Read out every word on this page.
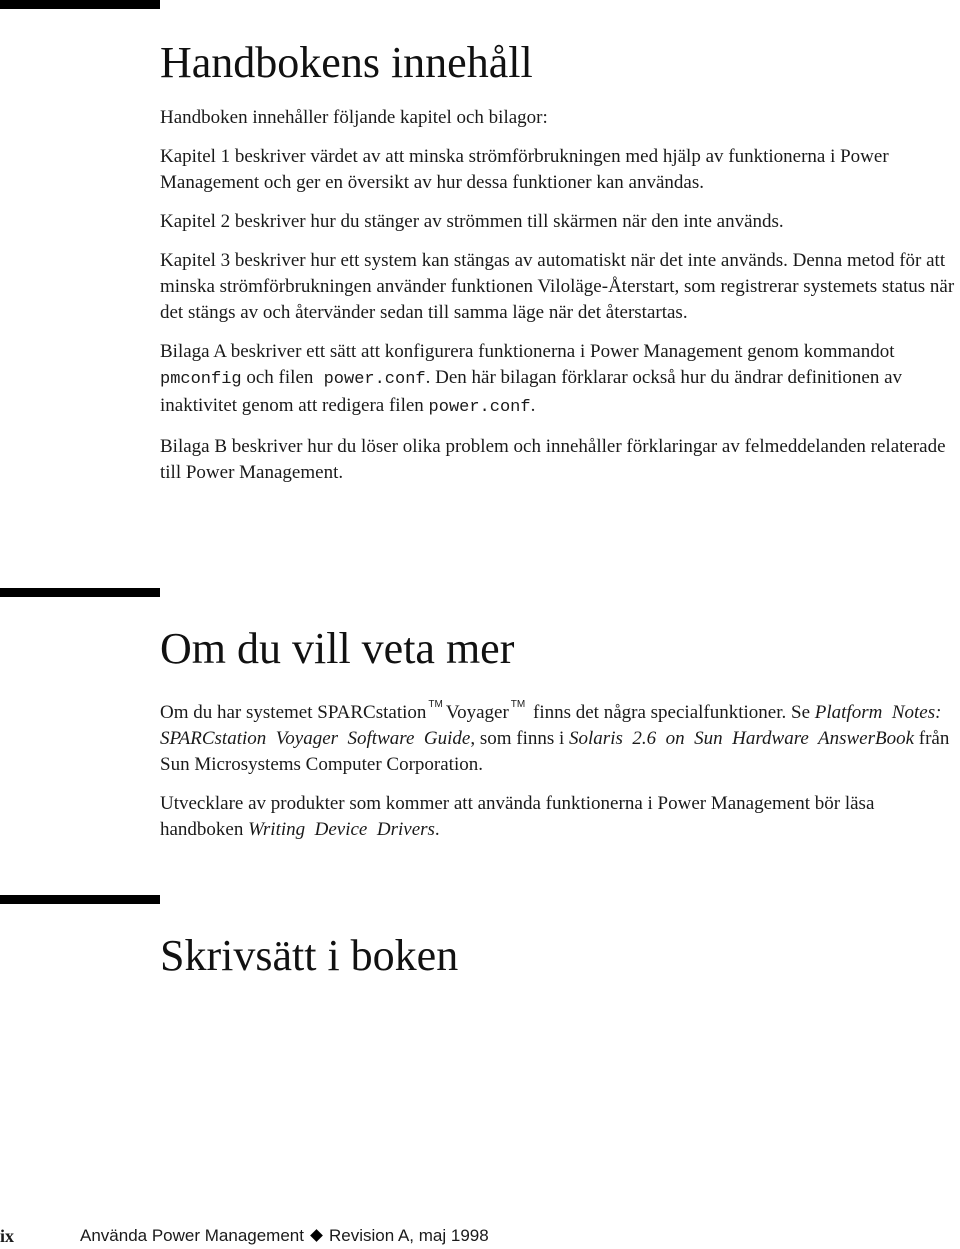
Handbokens innehåll

Handboken innehåller följande kapitel och bilagor:

Kapitel 1 beskriver värdet av att minska strömförbrukningen med hjälp av funktionerna i Power Management och ger en översikt av hur dessa funktioner kan användas.

Kapitel 2 beskriver hur du stänger av strömmen till skärmen när den inte används.

Kapitel 3 beskriver hur ett system kan stängas av automatiskt när det inte används. Denna metod för att minska strömförbrukningen använder funktionen Viloläge-Återstart, som registrerar systemets status när det stängs av och återvänder sedan till samma läge när det återstartas.

Bilaga A beskriver ett sätt att konfigurera funktionerna i Power Management genom kommandot pmconfig och filen power.conf. Den här bilagan förklarar också hur du ändrar definitionen av inaktivitet genom att redigera filen power.conf.

Bilaga B beskriver hur du löser olika problem och innehåller förklaringar av felmeddelanden relaterade till Power Management.

Om du vill veta mer

Om du har systemet SPARCstation ™ Voyager ™ finns det några specialfunktioner. Se Platform  Notes:  SPARCstation  Voyager  Software  Guide, som finns i Solaris  2.6  on  Sun  Hardware  AnswerBook från Sun Microsystems Computer Corporation.

Utvecklare av produkter som kommer att använda funktionerna i Power Management bör läsa handboken Writing  Device  Drivers.

Skrivsätt i boken
ix	Använda Power Management Revision A, maj 1998
